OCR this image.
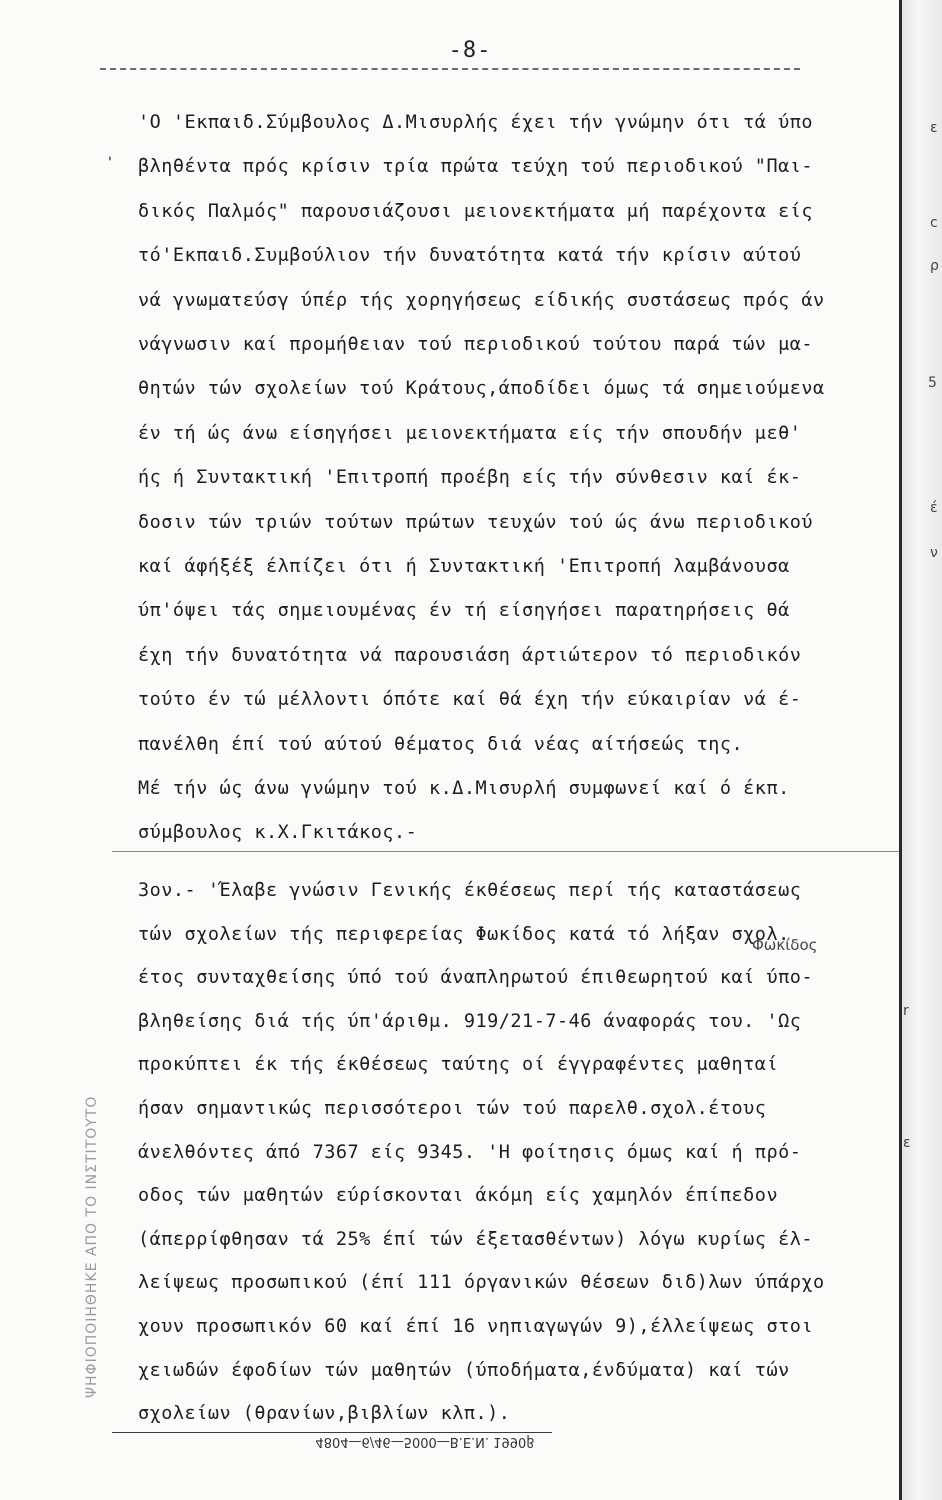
-8-
'
'Ο 'Εκπαιδ.Σύμβουλος Δ.Μισυρλής έχει τήν γνώμην ότι τά ύπο
βληθέντα πρός κρίσιν τρία πρώτα τεύχη τού περιοδικού "Παι-
δικός Παλμός" παρουσιάζουσι μειονεκτήματα μή παρέχοντα είς
τό'Εκπαιδ.Συμβούλιον τήν δυνατότητα κατά τήν κρίσιν αύτού
νά γνωματεύσγ ύπέρ τής χορηγήσεως είδικής συστάσεως πρός άν
νάγνωσιν καί προμήθειαν τού περιοδικού τούτου παρά τών μα-
θητών τών σχολείων τού Κράτους,άποδίδει όμως τά σημειούμενα
έν τή ώς άνω είσηγήσει μειονεκτήματα είς τήν σπουδήν μεθ'
ής ή Συντακτική 'Επιτροπή προέβη είς τήν σύνθεσιν καί έκ-
δοσιν τών τριών τούτων πρώτων τευχών τού ώς άνω περιοδικού
καί άφήξέξ έλπίζει ότι ή Συντακτική 'Επιτροπή λαμβάνουσα
ύπ'όψει τάς σημειουμένας έν τή είσηγήσει παρατηρήσεις θά
έχη τήν δυνατότητα νά παρουσιάση άρτιώτερον τό περιοδικόν
τούτο έν τώ μέλλοντι όπότε καί θά έχη τήν εύκαιρίαν νά έ-
πανέλθη έπί τού αύτού θέματος διά νέας αίτήσεώς της.
Μέ τήν ώς άνω γνώμην τού κ.Δ.Μισυρλή συμφωνεί καί ό έκπ.
σύμβουλος κ.Χ.Γκιτάκος.-
3ον.- 'Έλαβε γνώσιν Γενικής έκθέσεως περί τής καταστάσεως
τών σχολείων τής περιφερείας Φωκίδος κατά τό λήξαν σχολ.
έτος συνταχθείσης ύπό τού άναπληρωτού έπιθεωρητού καί ύπο-
βληθείσης διά τής ύπ'άριθμ. 919/21-7-46 άναφοράς του. 'Ως
προκύπτει έκ τής έκθέσεως ταύτης οί έγγραφέντες μαθηταί
ήσαν σημαντικώς περισσότεροι τών τού παρελθ.σχολ.έτους
άνελθόντες άπό 7367 είς 9345. 'Η φοίτησις όμως καί ή πρό-
οδος τών μαθητών εύρίσκονται άκόμη είς χαμηλόν έπίπεδον
(άπερρίφθησαν τά 25% έπί τών έξετασθέντων) λόγω κυρίως έλ-
λείψεως προσωπικού (έπί 111 όργανικών θέσεων διδ)λων ύπάρχο
χουν προσωπικόν 60 καί έπί 16 νηπιαγωγών 9),έλλείψεως στοι
χειωδών έφοδίων τών μαθητών (ύποδήματα,ένδύματα) καί τών
σχολείων (θρανίων,βιβλίων κλπ.).
Φωκίδος
4804—6/46—5000—Β.Ε.Ν. 1990β
ΨΗΦΙΟΠΟΙΗΘΗΚΕ ΑΠΟ ΤΟ ΙΝΣΤΙΤΟΥΤΟ
ε
c
ρ
5
έ
ν
r
ε
